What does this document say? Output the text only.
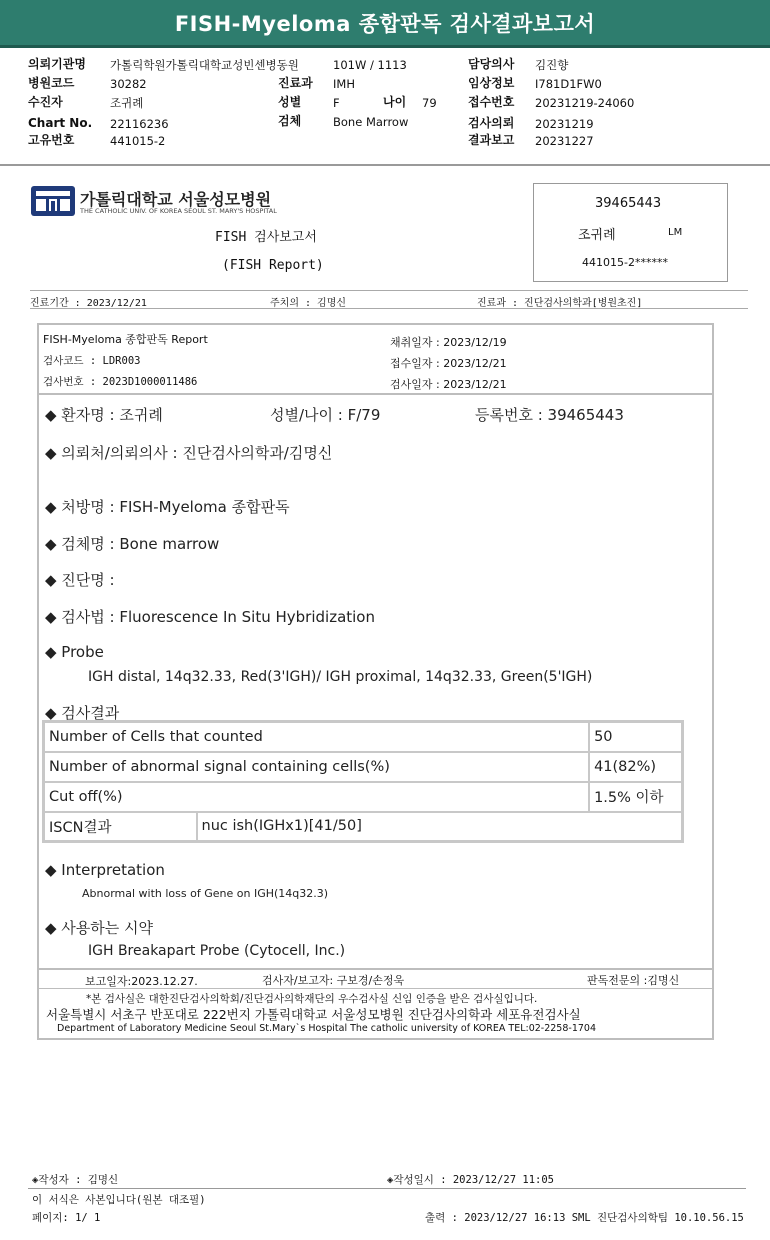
FISH-Myeloma 종합판독 검사결과보고서
의뢰기관명 가톨릭학원가톨릭대학교성빈센병동원
병원코드	30282
수진자	조귀례
Chart No. 22116236
고유번호	441015-2
101W / 1113
진료과 IMH
성별	F	나이 79
검체	Bone Marrow
담당의사 김진향
임상정보 I781D1FW0
접수번호 20231219-24060
검사의뢰 20231219
결과보고 20231227
가톨릭대학교 서울성모병원
THE CATHOLIC UNIV. OF KOREA SEOUL ST. MARY'S HOSPITAL
FISH 검사보고서
(FISH Report)
39465443
조귀례	LM
441015-2******
진료기간 : 2023/12/21	주치의 : 김명신	진료과 : 진단검사의학과[병원초진]
FISH-Myeloma 종합판독 Report
검사코드 : LDR003
검사번호 : 2023D1000011486
채취일자 : 2023/12/19
접수일자 : 2023/12/21
검사일자 : 2023/12/21
◆ 환자명 : 조귀례	성별/나이 : F/79	등록번호 : 39465443
◆ 의뢰처/의뢰의사 : 진단검사의학과/김명신
◆ 처방명 : FISH-Myeloma 종합판독
◆ 검체명 : Bone marrow
◆ 진단명 :
◆ 검사법 : Fluorescence In Situ Hybridization
◆ Probe
IGH distal, 14q32.33, Red(3'IGH)/ IGH proximal, 14q32.33, Green(5'IGH)
◆ 검사결과
Number of Cells that counted		50
Number of abnormal signal containing cells(%)		41(82%)
Cut off(%)		1.5% 이하
ISCN결과	nuc ish(IGHx1)[41/50]	
◆ Interpretation
Abnormal with loss of Gene on IGH(14q32.3)
◆ 사용하는 시약
IGH Breakapart Probe (Cytocell, Inc.)
보고일자:2023.12.27.	검사자/보고자: 구보경/손정욱	판독전문의 :김명신
*본 검사실은 대한진단검사의학회/진단검사의학재단의 우수검사실 신임 인증을 받은 검사실입니다.
서울특별시 서초구 반포대로 222번지 가톨릭대학교 서울성모병원 진단검사의학과 세포유전검사실
Department of Laboratory Medicine Seoul St.Mary`s Hospital The catholic university of KOREA TEL:02-2258-1704
◈작성자 : 김명신	◈작성일시 : 2023/12/27 11:05
이 서식은 사본입니다(원본 대조필)
페이지: 1/ 1	출력 : 2023/12/27 16:13 SML 진단검사의학팀 10.10.56.15
